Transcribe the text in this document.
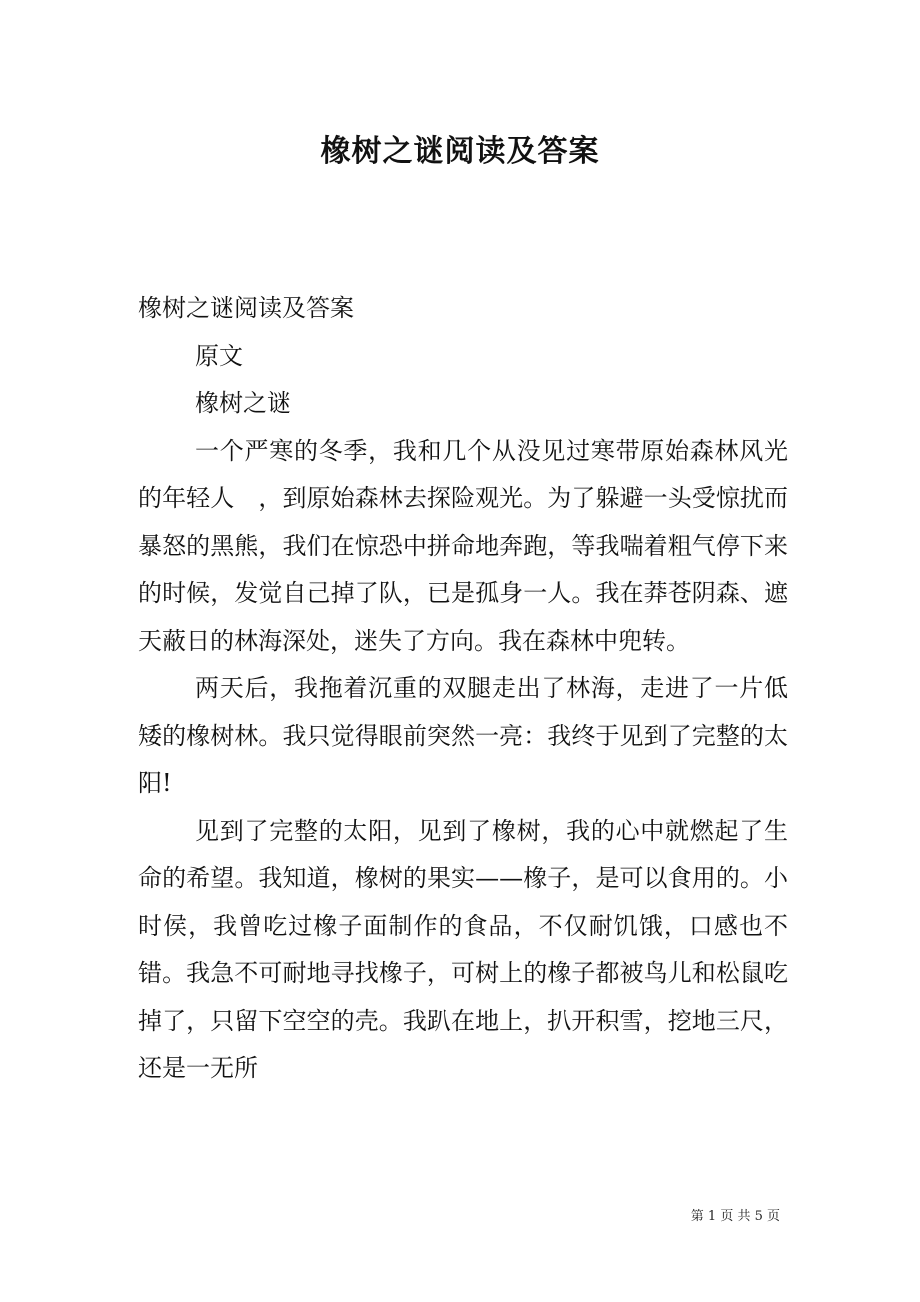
橡树之谜阅读及答案

橡树之谜阅读及答案

原文

橡树之谜

一个严寒的冬季，我和几个从没见过寒带原始森林风光的年轻人　，到原始森林去探险观光。为了躲避一头受惊扰而暴怒的黑熊，我们在惊恐中拼命地奔跑，等我喘着粗气停下来的时候，发觉自己掉了队，已是孤身一人。我在莽苍阴森、遮天蔽日的林海深处，迷失了方向。我在森林中兜转。

两天后，我拖着沉重的双腿走出了林海，走进了一片低矮的橡树林。我只觉得眼前突然一亮：我终于见到了完整的太阳!

见到了完整的太阳，见到了橡树，我的心中就燃起了生命的希望。我知道，橡树的果实——橡子，是可以食用的。小时侯，我曾吃过橡子面制作的食品，不仅耐饥饿，口感也不错。我急不可耐地寻找橡子，可树上的橡子都被鸟儿和松鼠吃掉了，只留下空空的壳。我趴在地上，扒开积雪，挖地三尺，还是一无所

第 1 页 共 5 页
